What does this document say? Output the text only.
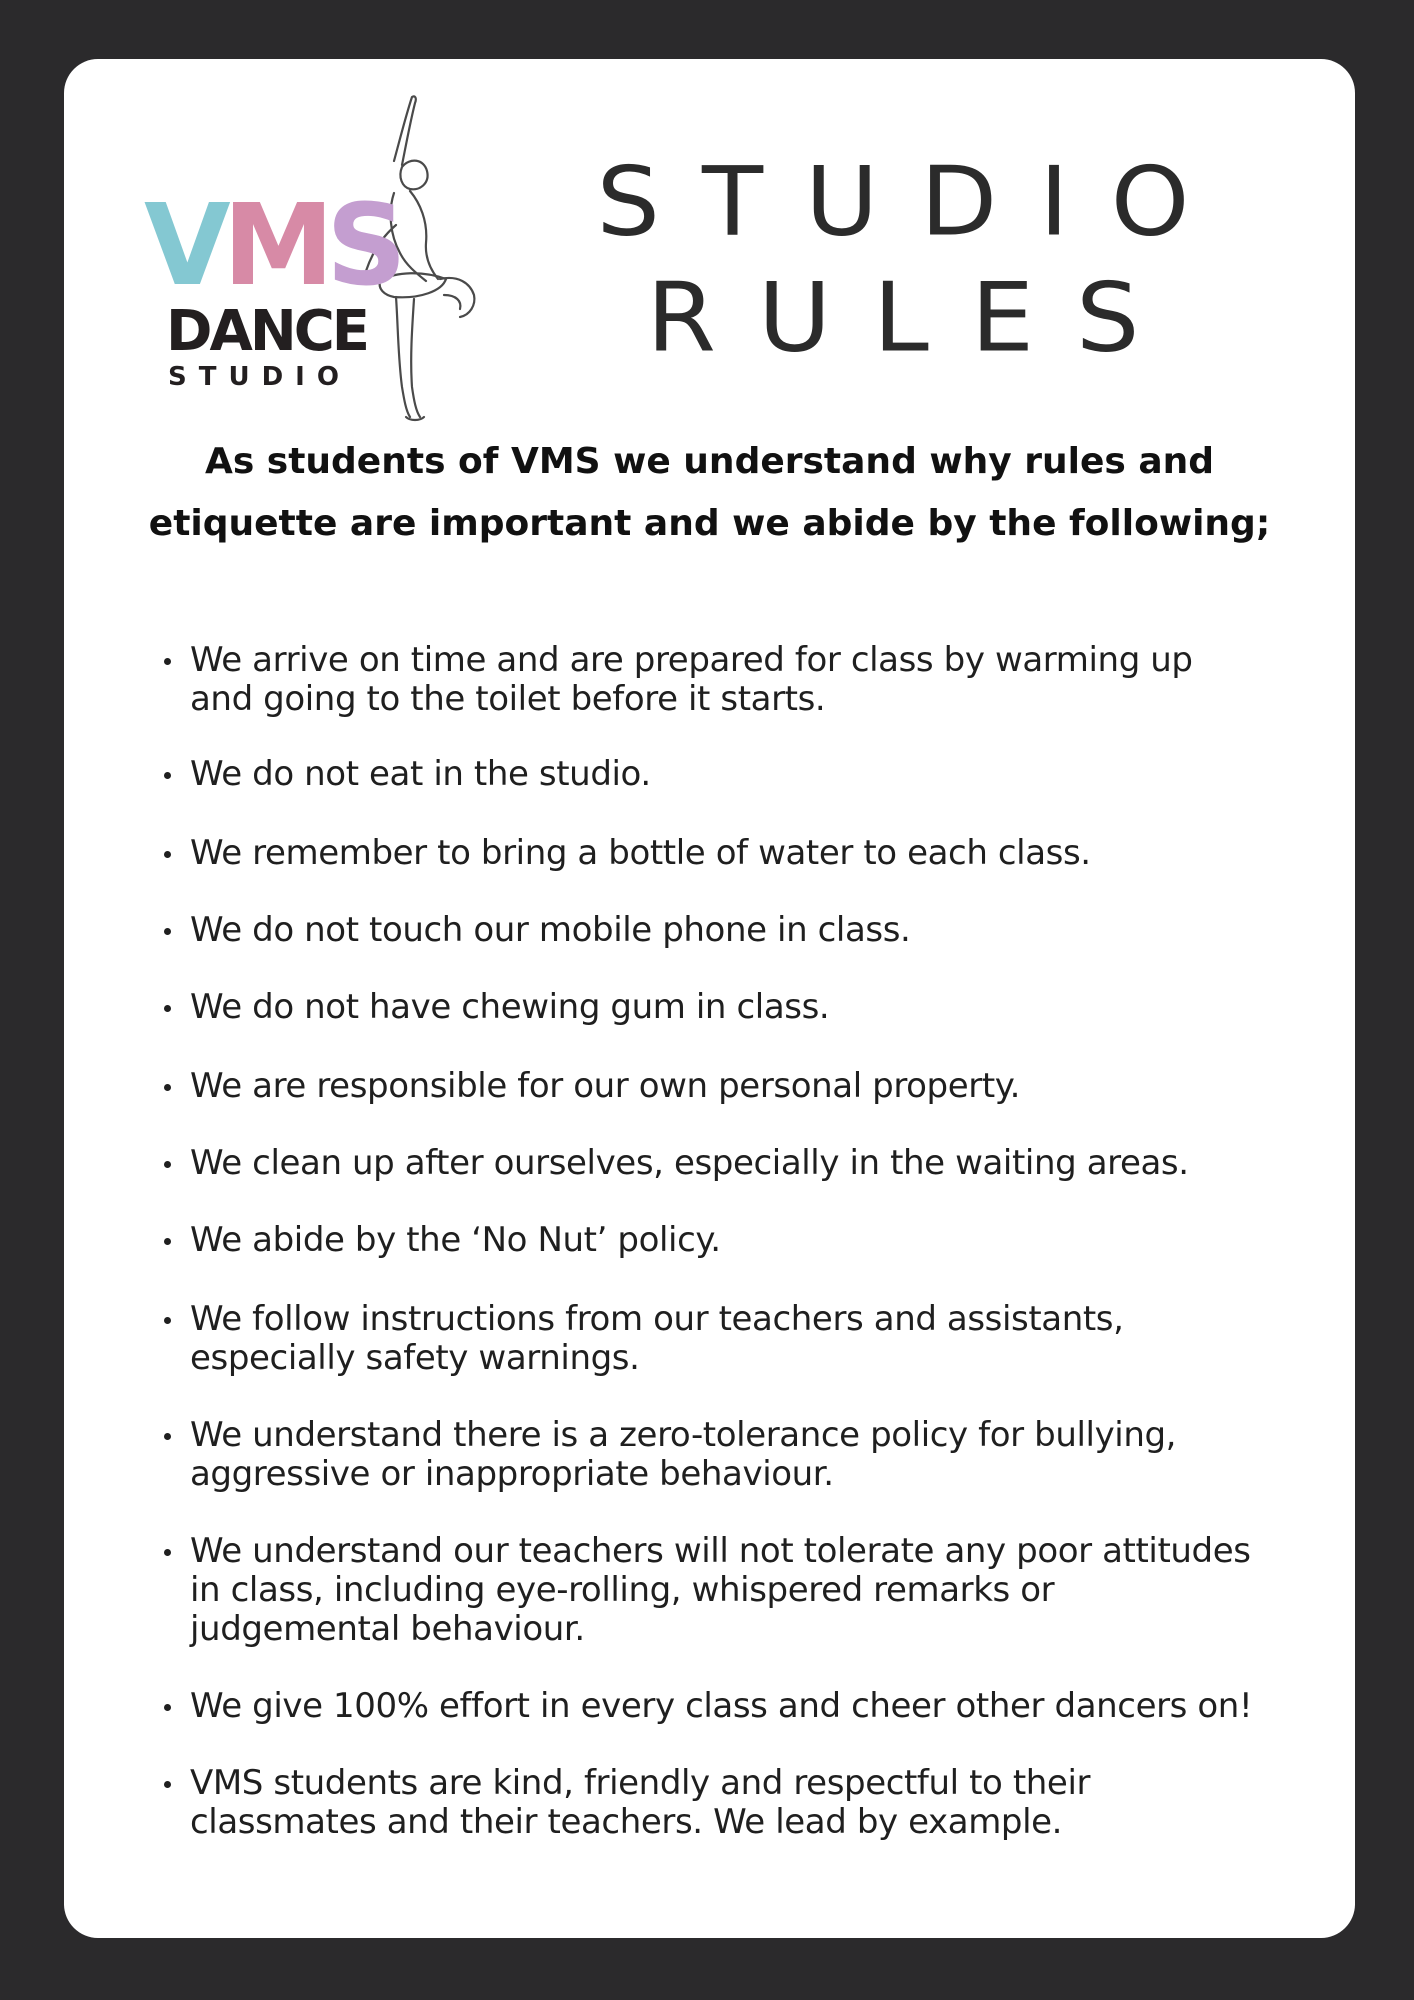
V M S
DANCE
STUDIO
STUDIO
RULES
As students of VMS we understand why rules and
etiquette are important and we abide by the following;
We arrive on time and are prepared for class by warming up
and going to the toilet before it starts.
We do not eat in the studio.
We remember to bring a bottle of water to each class.
We do not touch our mobile phone in class.
We do not have chewing gum in class.
We are responsible for our own personal property.
We clean up after ourselves, especially in the waiting areas.
We abide by the ‘No Nut’ policy.
We follow instructions from our teachers and assistants,
especially safety warnings.
We understand there is a zero-tolerance policy for bullying,
aggressive or inappropriate behaviour.
We understand our teachers will not tolerate any poor attitudes
in class, including eye-rolling, whispered remarks or
judgemental behaviour.
We give 100% effort in every class and cheer other dancers on!
VMS students are kind, friendly and respectful to their
classmates and their teachers. We lead by example.
